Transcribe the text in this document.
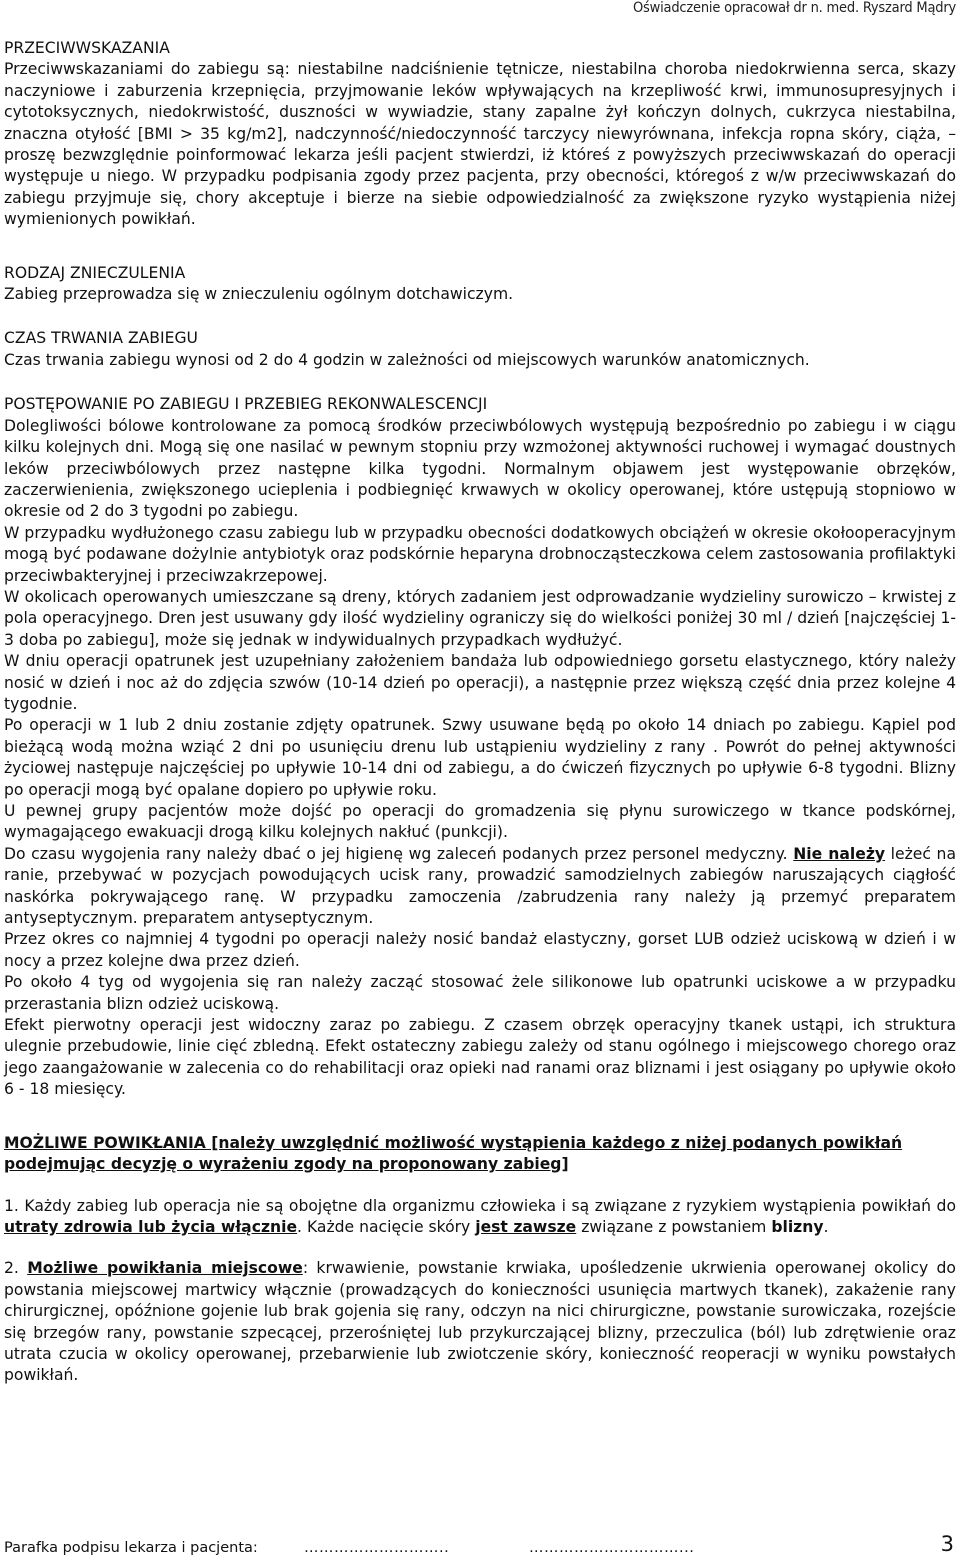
Oświadczenie opracował dr n. med. Ryszard Mądry
PRZECIWWSKAZANIA
Przeciwwskazaniami do zabiegu są: niestabilne nadciśnienie tętnicze, niestabilna choroba niedokrwienna serca, skazy naczyniowe i zaburzenia krzepnięcia, przyjmowanie leków wpływających na krzepliwość krwi, immunosupresyjnych i cytotoksycznych, niedokrwistość, duszności w wywiadzie, stany zapalne żył kończyn dolnych, cukrzyca niestabilna, znaczna otyłość [BMI > 35 kg/m2], nadczynność/niedoczynność tarczycy niewyrównana, infekcja ropna skóry, ciąża, – proszę bezwzględnie poinformować lekarza jeśli pacjent stwierdzi, iż któreś z powyższych przeciwwskazań do operacji występuje u niego. W przypadku podpisania zgody przez pacjenta, przy obecności, któregoś z w/w przeciwwskazań do zabiegu przyjmuje się, chory akceptuje i bierze na siebie odpowiedzialność za zwiększone ryzyko wystąpienia niżej wymienionych powikłań.
RODZAJ ZNIECZULENIA
Zabieg przeprowadza się w znieczuleniu ogólnym dotchawiczym.
CZAS TRWANIA ZABIEGU
Czas trwania zabiegu wynosi od 2 do 4 godzin w zależności od miejscowych warunków anatomicznych.
POSTĘPOWANIE PO ZABIEGU I PRZEBIEG REKONWALESCENCJI
Dolegliwości bólowe kontrolowane za pomocą środków przeciwbólowych występują bezpośrednio po zabiegu i w ciągu kilku kolejnych dni. Mogą się one nasilać w pewnym stopniu przy wzmożonej aktywności ruchowej i wymagać doustnych leków przeciwbólowych przez następne kilka tygodni. Normalnym objawem jest występowanie obrzęków, zaczerwienienia, zwiększonego ucieplenia i podbiegnięć krwawych w okolicy operowanej, które ustępują stopniowo w okresie od 2 do 3 tygodni po zabiegu.
W przypadku wydłużonego czasu zabiegu lub w przypadku obecności dodatkowych obciążeń w okresie okołooperacyjnym mogą być podawane dożylnie antybiotyk oraz podskórnie heparyna drobnocząsteczkowa celem zastosowania profilaktyki przeciwbakteryjnej i przeciwzakrzepowej.
W okolicach operowanych umieszczane są dreny, których zadaniem jest odprowadzanie wydzieliny surowiczo – krwistej z pola operacyjnego. Dren jest usuwany gdy ilość wydzieliny ograniczy się do wielkości poniżej 30 ml / dzień [najczęściej 1-3 doba po zabiegu], może się jednak w indywidualnych przypadkach wydłużyć.
W dniu operacji opatrunek jest uzupełniany założeniem bandaża lub odpowiedniego gorsetu elastycznego, który należy nosić w dzień i noc aż do zdjęcia szwów (10-14 dzień po operacji), a następnie przez większą część dnia przez kolejne 4 tygodnie.
Po operacji w 1 lub 2 dniu zostanie zdjęty opatrunek. Szwy usuwane będą po około 14 dniach po zabiegu. Kąpiel pod bieżącą wodą można wziąć 2 dni po usunięciu drenu lub ustąpieniu wydzieliny z rany . Powrót do pełnej aktywności życiowej następuje najczęściej po upływie 10-14 dni od zabiegu, a do ćwiczeń fizycznych po upływie 6-8 tygodni. Blizny po operacji mogą być opalane dopiero po upływie roku.
U pewnej grupy pacjentów może dojść po operacji do gromadzenia się płynu surowiczego w tkance podskórnej, wymagającego ewakuacji drogą kilku kolejnych nakłuć (punkcji).
Do czasu wygojenia rany należy dbać o jej higienę wg zaleceń podanych przez personel medyczny. Nie należy leżeć na ranie, przebywać w pozycjach powodujących ucisk rany, prowadzić samodzielnych zabiegów naruszających ciągłość naskórka pokrywającego ranę. W przypadku zamoczenia /zabrudzenia rany należy ją przemyć preparatem antyseptycznym. preparatem antyseptycznym.
Przez okres co najmniej 4 tygodni po operacji należy nosić bandaż elastyczny, gorset LUB odzież uciskową w dzień i w nocy a przez kolejne dwa przez dzień.
Po około 4 tyg od wygojenia się ran należy zacząć stosować żele silikonowe lub opatrunki uciskowe a w przypadku przerastania blizn odzież uciskową.
Efekt pierwotny operacji jest widoczny zaraz po zabiegu. Z czasem obrzęk operacyjny tkanek ustąpi, ich struktura ulegnie przebudowie, linie cięć zbledną. Efekt ostateczny zabiegu zależy od stanu ogólnego i miejscowego chorego oraz jego zaangażowanie w zalecenia co do rehabilitacji oraz opieki nad ranami oraz bliznami i jest osiągany po upływie około 6 - 18 miesięcy.
MOŻLIWE POWIKŁANIA [należy uwzględnić możliwość wystąpienia każdego z niżej podanych powikłań podejmując decyzję o wyrażeniu zgody na proponowany zabieg]
1. Każdy zabieg lub operacja nie są obojętne dla organizmu człowieka i są związane z ryzykiem wystąpienia powikłań do utraty zdrowia lub życia włącznie. Każde nacięcie skóry jest zawsze związane z powstaniem blizny.
2. Możliwe powikłania miejscowe: krwawienie, powstanie krwiaka, upośledzenie ukrwienia operowanej okolicy do powstania miejscowej martwicy włącznie (prowadzących do konieczności usunięcia martwych tkanek), zakażenie rany chirurgicznej, opóźnione gojenie lub brak gojenia się rany, odczyn na nici chirurgiczne, powstanie surowiczaka, rozejście się brzegów rany, powstanie szpecącej, przerośniętej lub przykurczającej blizny, przeczulica (ból) lub zdrętwienie oraz utrata czucia w okolicy operowanej, przebarwienie lub zwiotczenie skóry, konieczność reoperacji w wyniku powstałych powikłań.
Parafka podpisu lekarza i pacjenta:	………………………..	…………………………...	3
